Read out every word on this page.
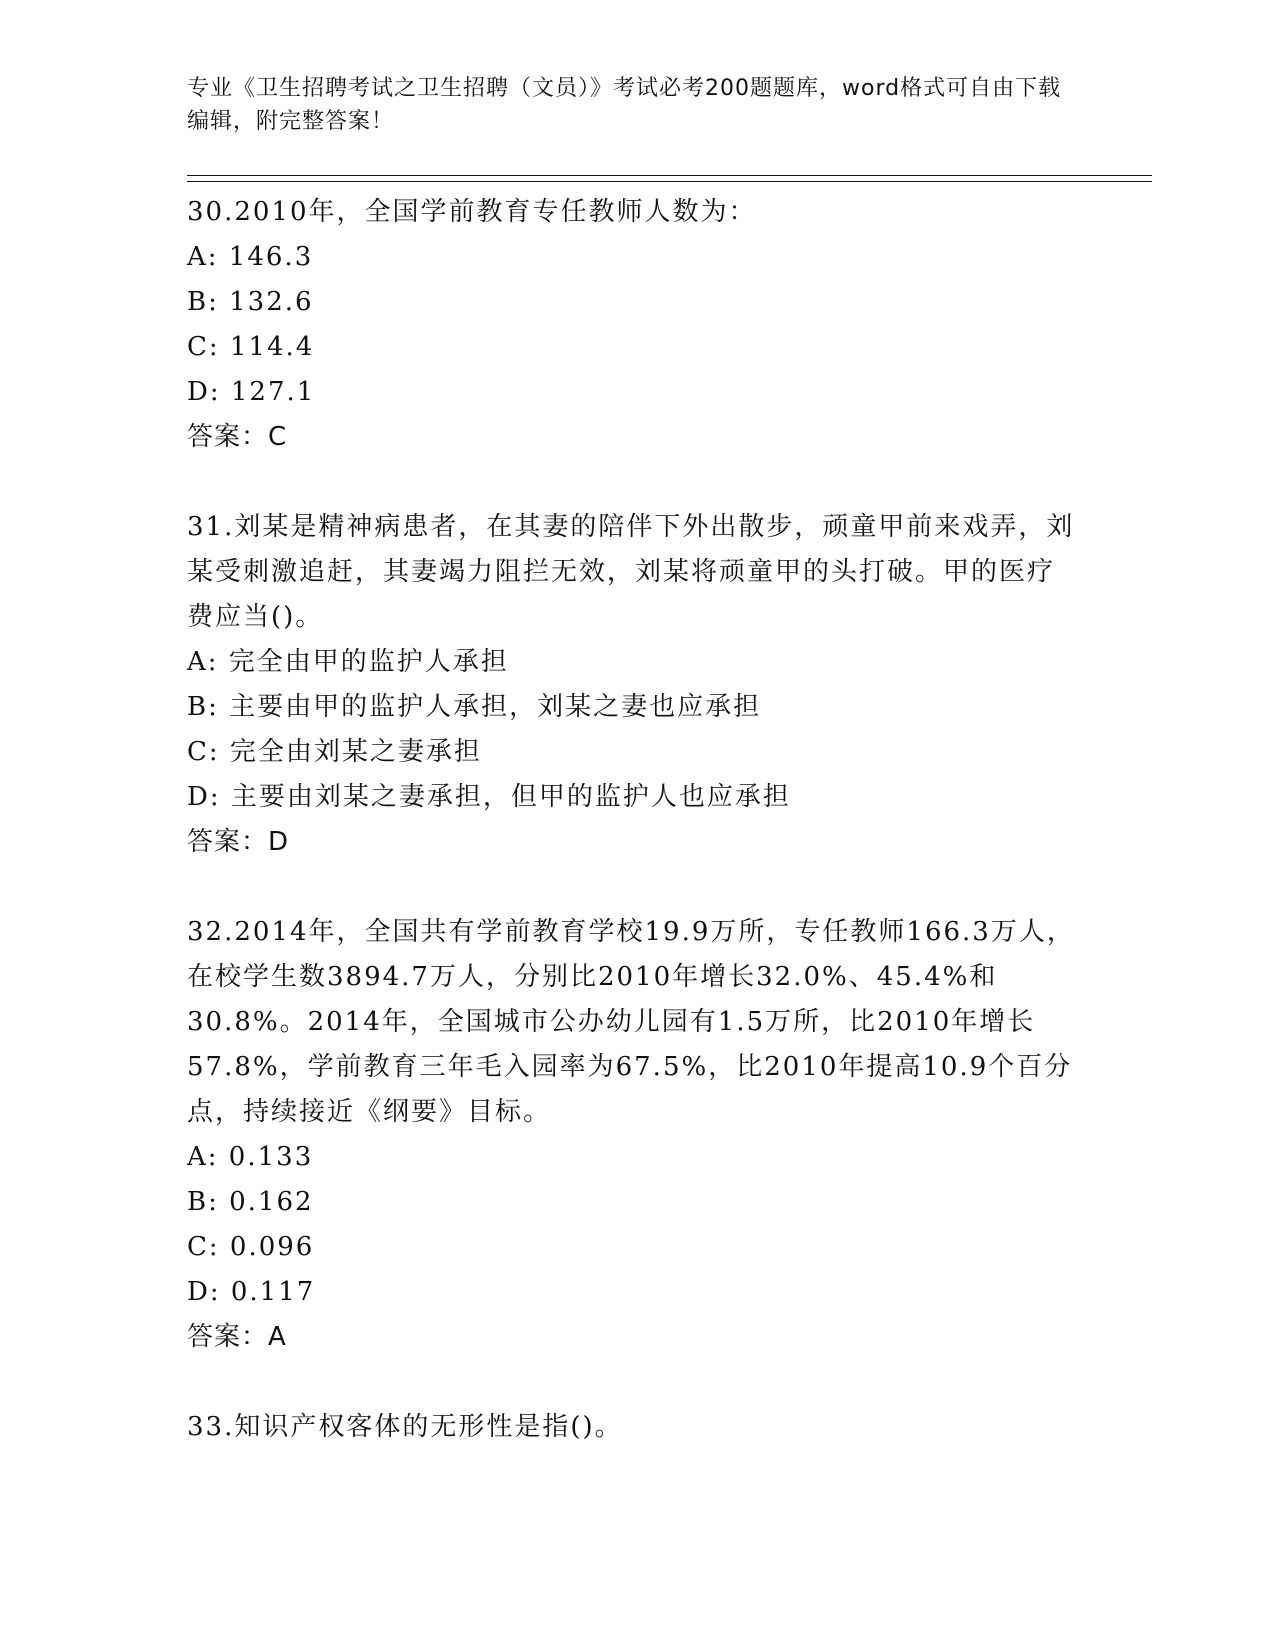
专业《卫生招聘考试之卫生招聘（文员）》考试必考200题题库，word格式可自由下载编辑，附完整答案！

30.2010年，全国学前教育专任教师人数为：

A: 146.3

B: 132.6

C: 114.4

D: 127.1

答案：C

31.刘某是精神病患者，在其妻的陪伴下外出散步，顽童甲前来戏弄，刘某受刺激追赶，其妻竭力阻拦无效，刘某将顽童甲的头打破。甲的医疗费应当()。

A: 完全由甲的监护人承担

B: 主要由甲的监护人承担，刘某之妻也应承担

C: 完全由刘某之妻承担

D: 主要由刘某之妻承担，但甲的监护人也应承担

答案：D

32.2014年，全国共有学前教育学校19.9万所，专任教师166.3万人，在校学生数3894.7万人，分别比2010年增长32.0%、45.4%和30.8%。2014年，全国城市公办幼儿园有1.5万所，比2010年增长57.8%，学前教育三年毛入园率为67.5%，比2010年提高10.9个百分点，持续接近《纲要》目标。

A: 0.133

B: 0.162

C: 0.096

D: 0.117

答案：A

33.知识产权客体的无形性是指()。
